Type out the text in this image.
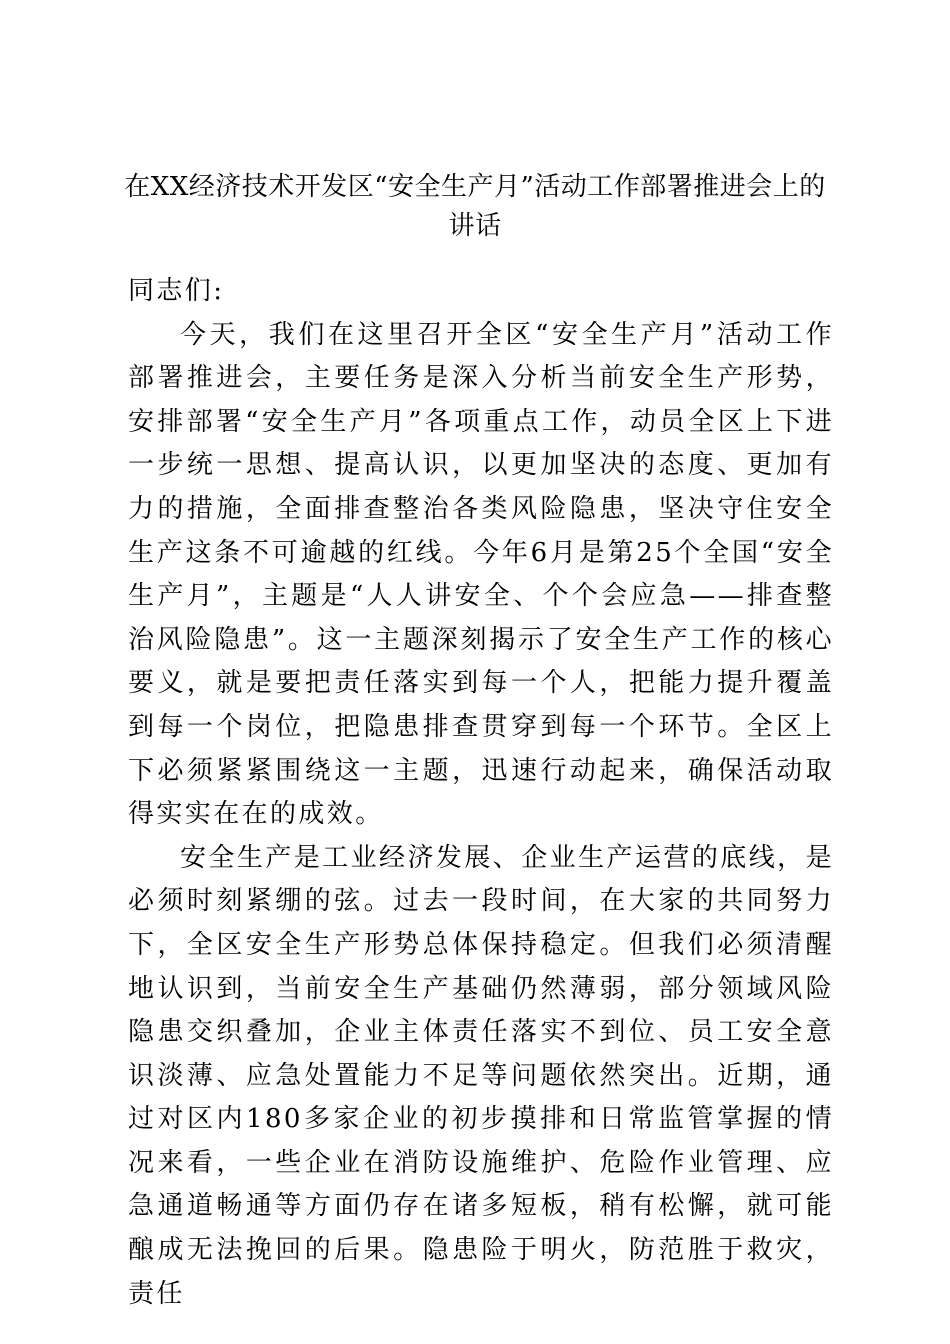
在XX经济技术开发区“安全生产月”活动工作部署推进会上的讲话

同志们:

今天，我们在这里召开全区“安全生产月”活动工作部署推进会，主要任务是深入分析当前安全生产形势，安排部署“安全生产月”各项重点工作，动员全区上下进一步统一思想、提高认识，以更加坚决的态度、更加有力的措施，全面排查整治各类风险隐患，坚决守住安全生产这条不可逾越的红线。今年6月是第25个全国“安全生产月”，主题是“人人讲安全、个个会应急——排查整治风险隐患”。这一主题深刻揭示了安全生产工作的核心要义，就是要把责任落实到每一个人，把能力提升覆盖到每一个岗位，把隐患排查贯穿到每一个环节。全区上下必须紧紧围绕这一主题，迅速行动起来，确保活动取得实实在在的成效。

安全生产是工业经济发展、企业生产运营的底线，是必须时刻紧绷的弦。过去一段时间，在大家的共同努力下，全区安全生产形势总体保持稳定。但我们必须清醒地认识到，当前安全生产基础仍然薄弱，部分领域风险隐患交织叠加，企业主体责任落实不到位、员工安全意识淡薄、应急处置能力不足等问题依然突出。近期，通过对区内180多家企业的初步摸排和日常监管掌握的情况来看，一些企业在消防设施维护、危险作业管理、应急通道畅通等方面仍存在诸多短板，稍有松懈，就可能酿成无法挽回的后果。隐患险于明火，防范胜于救灾，责任
